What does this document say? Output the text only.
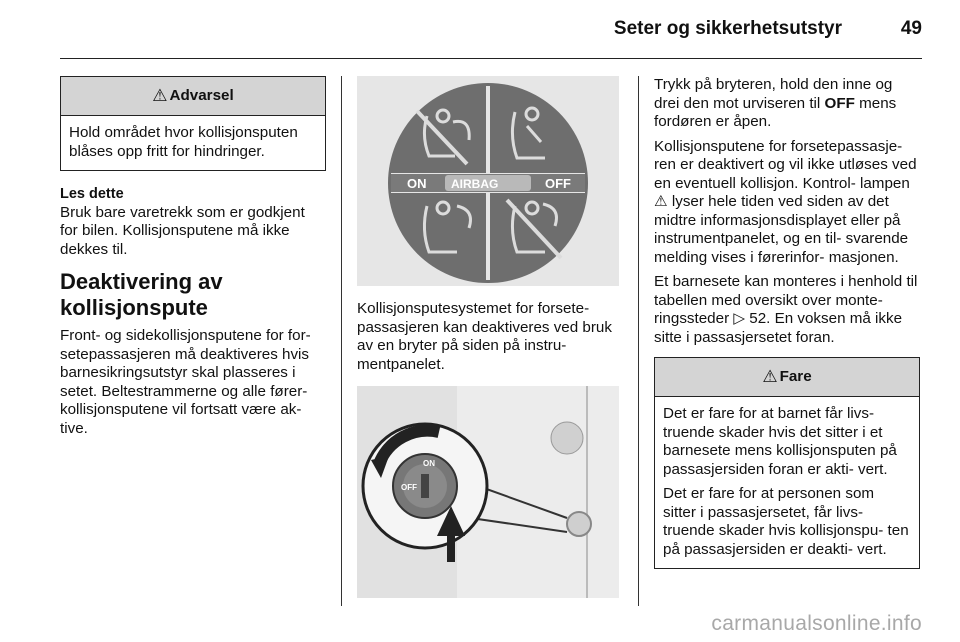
Seter og sikkerhetsutstyr	49
⚠ Advarsel

Hold området hvor kollisjonsputen blåses opp fritt for hindringer.

Les dette

Bruk bare varetrekk som er godkjent for bilen. Kollisjonsputene må ikke dekkes til.

Deaktivering av kollisjonspute

Front- og sidekollisjonsputene for for- setepassasjeren må deaktiveres hvis barnesikringsutstyr skal plasseres i setet. Beltestrammerne og alle fører- kollisjonsputene vil fortsatt være ak- tive.

ON AIRBAG	OFF

Kollisjonsputesystemet for forsete- passasjeren kan deaktiveres ved bruk av en bryter på siden på instru- mentpanelet.

ON
OFF

Trykk på bryteren, hold den inne og drei den mot urviseren til OFF mens fordøren er åpen.

Kollisjonsputene for forsetepassasje- ren er deaktivert og vil ikke utløses ved en eventuell kollisjon. Kontrol- lampen ⚠ lyser hele tiden ved siden av det midtre informasjonsdisplayet eller på instrumentpanelet, og en til- svarende melding vises i førerinfor- masjonen.

Et barnesete kan monteres i henhold til tabellen med oversikt over monte- ringssteder ▷ 52. En voksen må ikke sitte i passasjersetet foran.

⚠ Fare

Det er fare for at barnet får livs- truende skader hvis det sitter i et barnesete mens kollisjonsputen på passasjersiden foran er akti- vert.

Det er fare for at personen som sitter i passasjersetet, får livs- truende skader hvis kollisjonspu- ten på passasjersiden er deakti- vert.

carmanualsonline.info
